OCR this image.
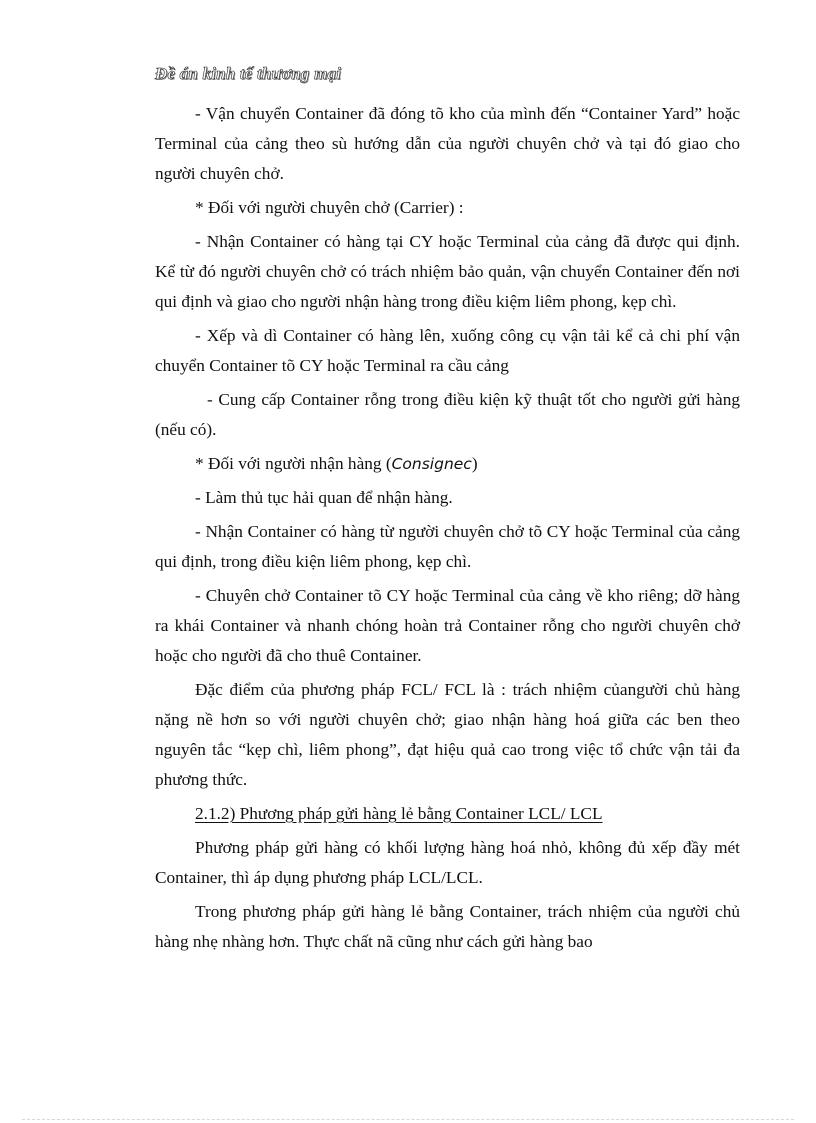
Đề án kinh tế thương mại

- Vận chuyển Container đã đóng tõ kho của mình đến “Container Yard” hoặc Terminal của cảng theo sù hướng dẫn của người chuyên chở và tại đó giao cho người chuyên chở.

* Đối với người chuyên chở (Carrier) :

- Nhận Container có hàng tại CY hoặc Terminal của cảng đã được qui định. Kể từ đó người chuyên chở có trách nhiệm bảo quản, vận chuyển Container đến nơi qui định và giao cho người nhận hàng trong điều kiệm liêm phong, kẹp chì.

- Xếp và dì Container có hàng lên, xuống công cụ vận tải kể cả chi phí vận chuyển Container tõ CY hoặc Terminal ra cầu cảng

- Cung cấp Container rỗng trong điều kiện kỹ thuật tốt cho người gửi hàng (nếu có).

* Đối với người nhận hàng (Consignec)

- Làm thủ tục hải quan để nhận hàng.

- Nhận Container có hàng từ người chuyên chở tõ CY hoặc Terminal của cảng qui định, trong điều kiện liêm phong, kẹp chì.

- Chuyên chở Container tõ CY hoặc Terminal của cảng về kho riêng; dỡ hàng ra khái Container và nhanh chóng hoàn trả Container rỗng cho người chuyên chở hoặc cho người đã cho thuê Container.

Đặc điểm của phương pháp FCL/ FCL là : trách nhiệm củangười chủ hàng nặng nề hơn so với người chuyên chở; giao nhận hàng hoá giữa các ben theo nguyên tắc “kẹp chì, liêm phong”, đạt hiệu quả cao trong việc tổ chức vận tải đa phương thức.

2.1.2) Phương pháp gửi hàng lẻ bằng Container LCL/ LCL

Phương pháp gửi hàng có khối lượng hàng hoá nhỏ, không đủ xếp đầy mét Container, thì áp dụng phương pháp LCL/LCL.

Trong phương pháp gửi hàng lẻ bằng Container, trách nhiệm của người chủ hàng nhẹ nhàng hơn. Thực chất nã cũng như cách gửi hàng bao
